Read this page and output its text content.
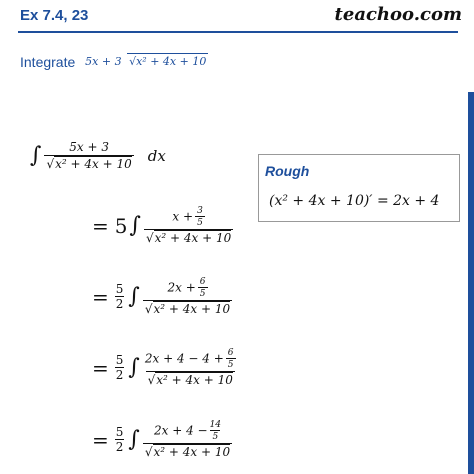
Ex 7.4, 23	teachoo.com
Integrate 5x + 3 √x² + 4x + 10
∫ $\frac{5x + 3}{\text{√x² + 4x + 10}}$ dx
= 5 ∫ $\frac{x + \frac{3}{5}}{\text{√x² + 4x + 10}}$
= $\frac{5}{2}$ ∫ $\frac{2x + \frac{6}{5}}{\text{√x² + 4x + 10}}$
= $\frac{5}{2}$ ∫ $\frac{2x + 4 - 4 + \frac{6}{5}}{\text{√x² + 4x + 10}}$
= $\frac{5}{2}$ ∫ $\frac{2x + 4 - \frac{14}{5}}{\text{√x² + 4x + 10}}$
Rough
(x² + 4x + 10)′ = 2x + 4
